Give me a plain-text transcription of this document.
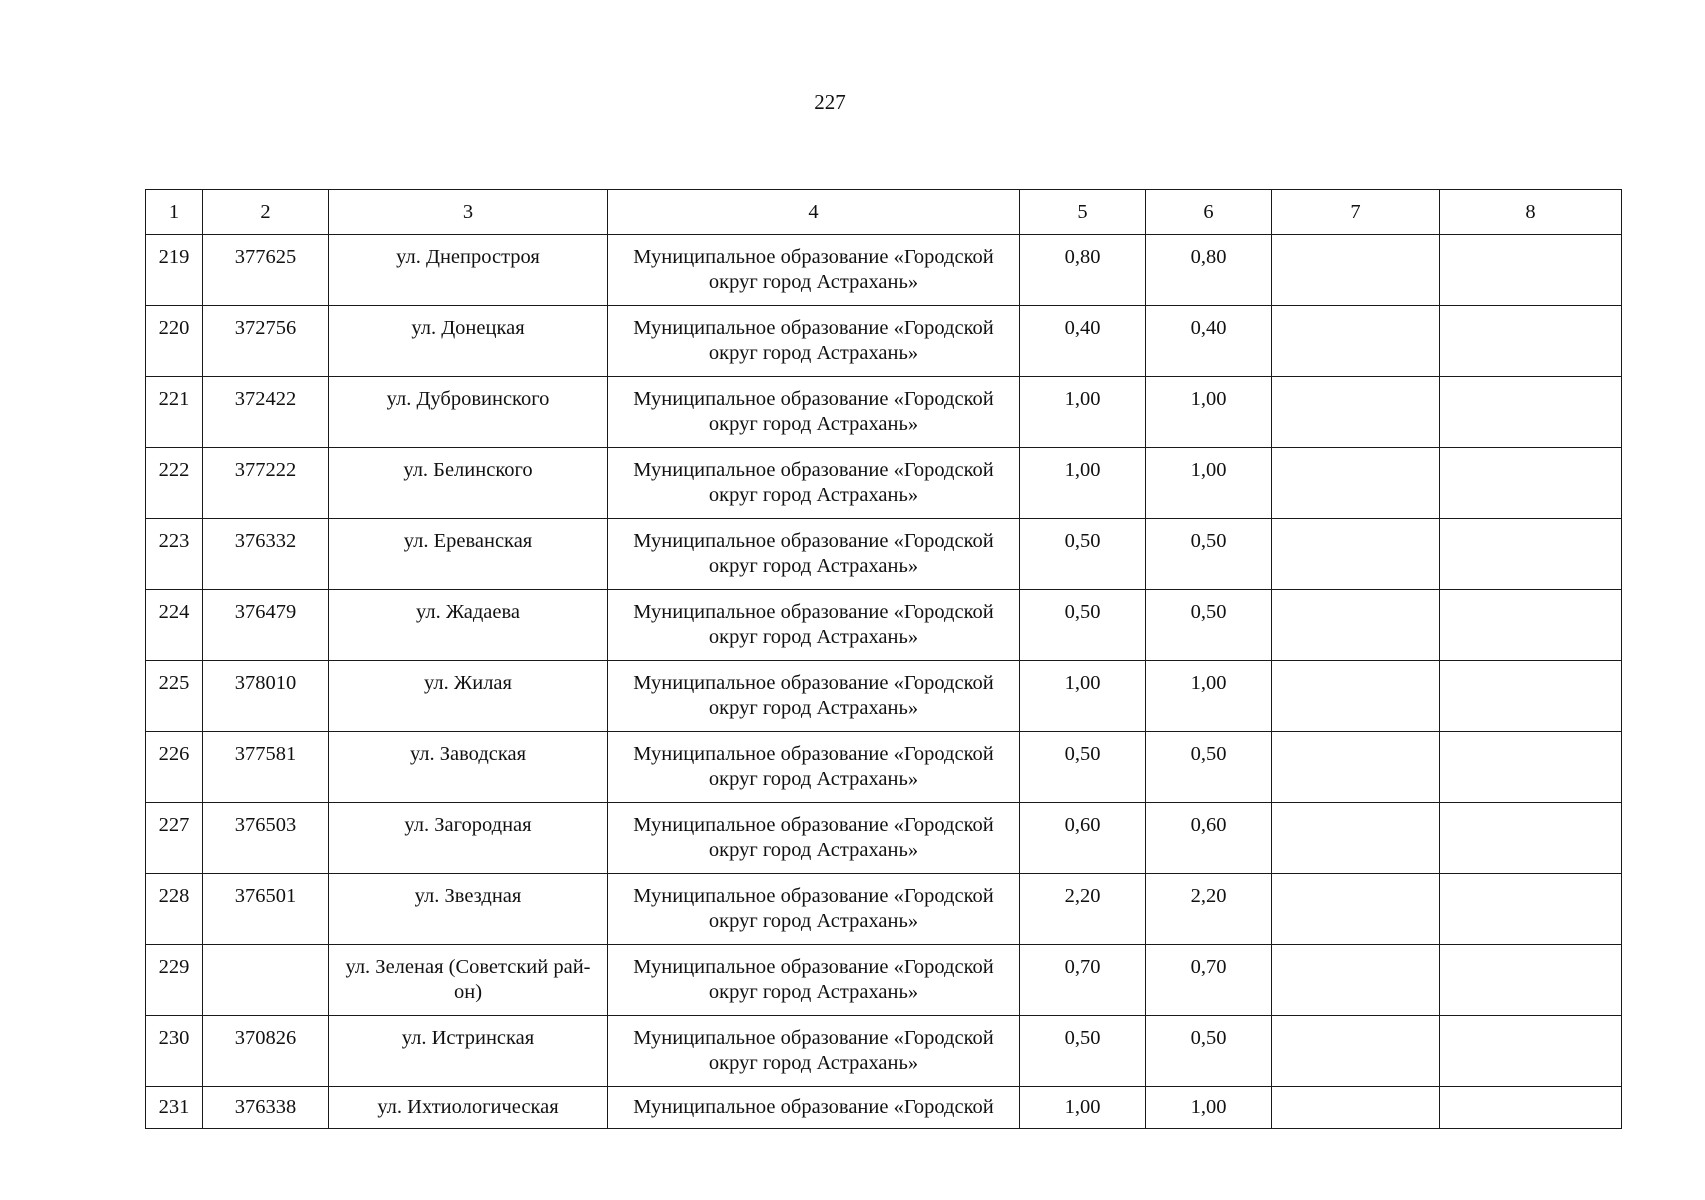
227
1	2	3	4	5	6	7	8
219	377625	ул. Днепростроя	Муниципальное образование «Городской округ город Астрахань»	0,80	0,80		
220	372756	ул. Донецкая	Муниципальное образование «Городской округ город Астрахань»	0,40	0,40		
221	372422	ул. Дубровинского	Муниципальное образование «Городской округ город Астрахань»	1,00	1,00		
222	377222	ул. Белинского	Муниципальное образование «Городской округ город Астрахань»	1,00	1,00		
223	376332	ул. Ереванская	Муниципальное образование «Городской округ город Астрахань»	0,50	0,50		
224	376479	ул. Жадаева	Муниципальное образование «Городской округ город Астрахань»	0,50	0,50		
225	378010	ул. Жилая	Муниципальное образование «Городской округ город Астрахань»	1,00	1,00		
226	377581	ул. Заводская	Муниципальное образование «Городской округ город Астрахань»	0,50	0,50		
227	376503	ул. Загородная	Муниципальное образование «Городской округ город Астрахань»	0,60	0,60		
228	376501	ул. Звездная	Муниципальное образование «Городской округ город Астрахань»	2,20	2,20		
229		ул. Зеленая (Советский рай-он)	Муниципальное образование «Городской округ город Астрахань»	0,70	0,70		
230	370826	ул. Истринская	Муниципальное образование «Городской округ город Астрахань»	0,50	0,50		
231	376338	ул. Ихтиологическая	Муниципальное образование «Городской	1,00	1,00		
